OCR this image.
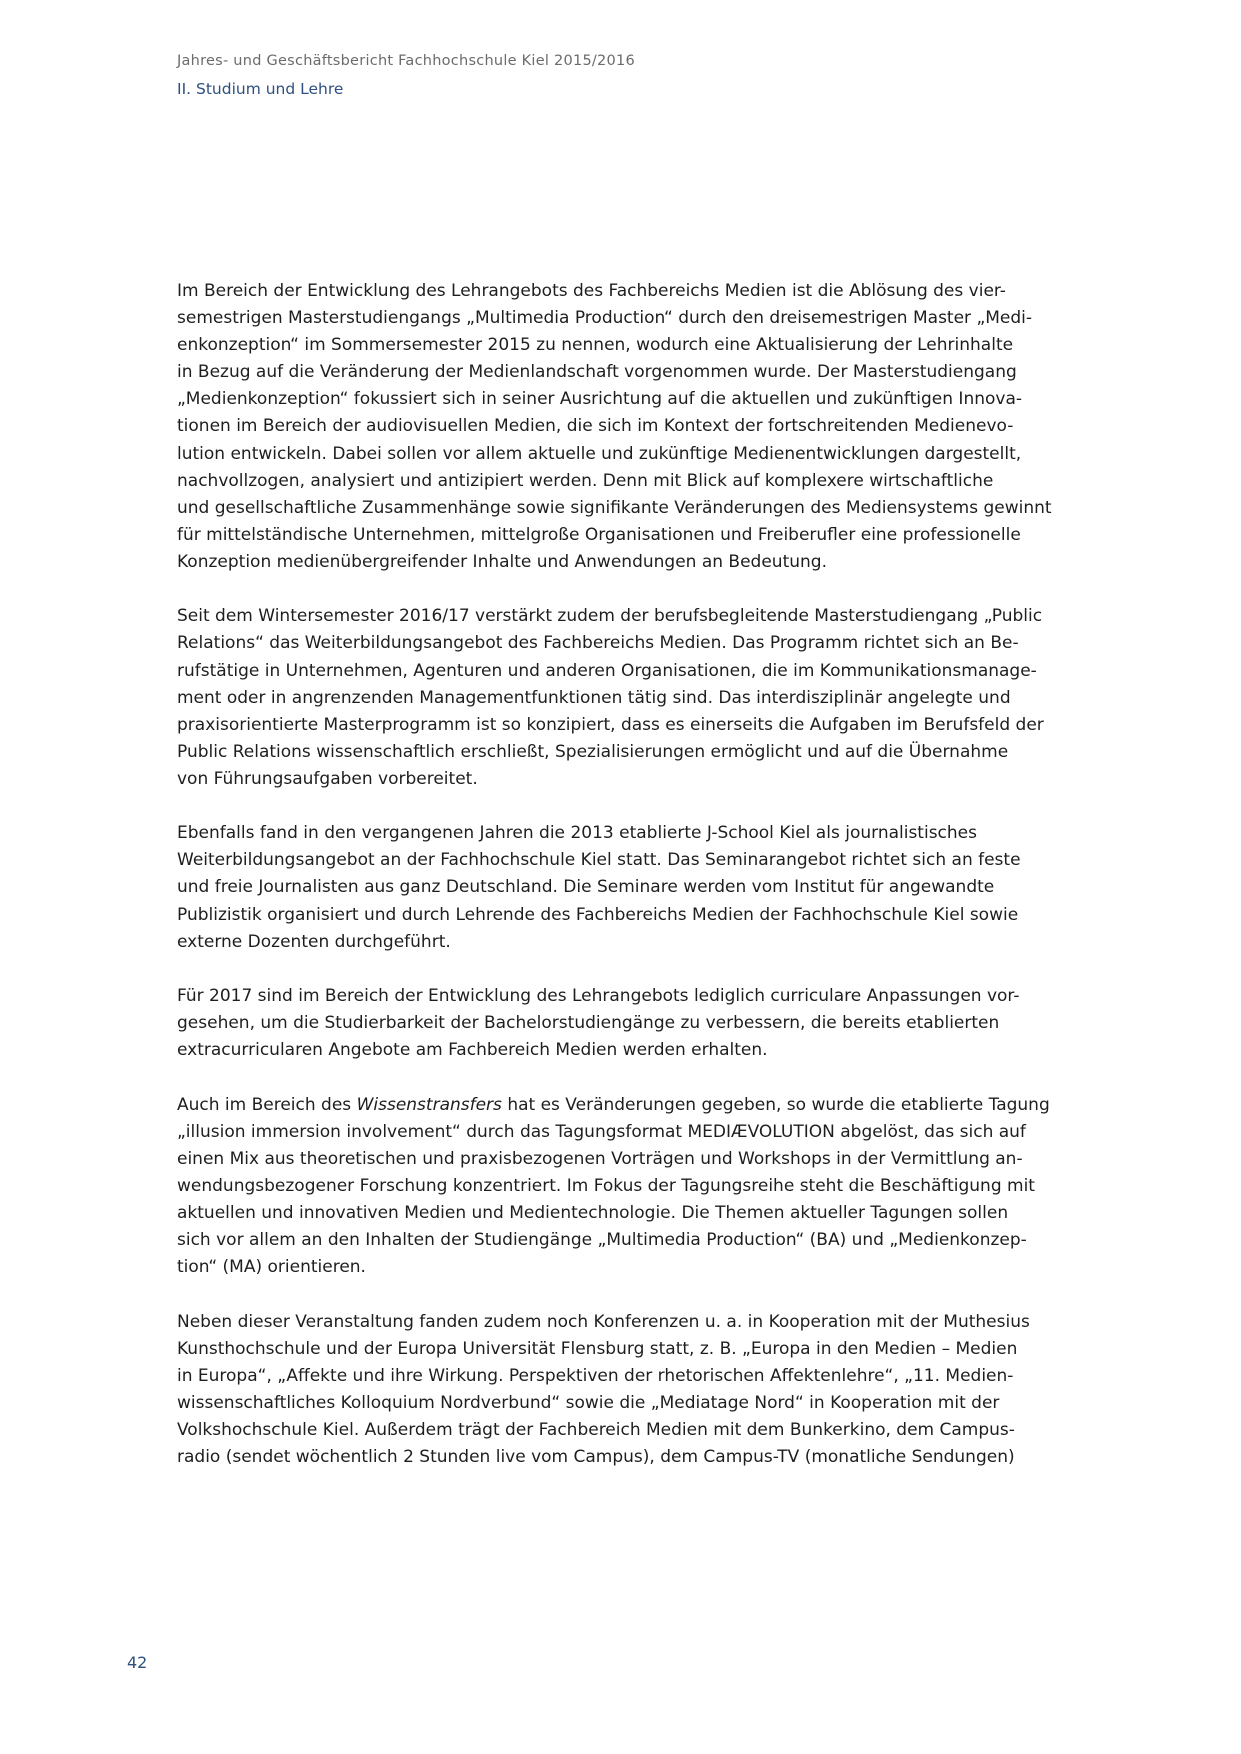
Jahres- und Geschäftsbericht Fachhochschule Kiel 2015/2016
II. Studium und Lehre

Im Bereich der Entwicklung des Lehrangebots des Fachbereichs Medien ist die Ablösung des vier-
semestrigen Masterstudiengangs „Multimedia Production“ durch den dreisemestrigen Master „Medi-
enkonzeption“ im Sommersemester 2015 zu nennen, wodurch eine Aktualisierung der Lehrinhalte
in Bezug auf die Veränderung der Medienlandschaft vorgenommen wurde. Der Masterstudiengang
„Medienkonzeption“ fokussiert sich in seiner Ausrichtung auf die aktuellen und zukünftigen Innova-
tionen im Bereich der audiovisuellen Medien, die sich im Kontext der fortschreitenden Medienevo-
lution entwickeln. Dabei sollen vor allem aktuelle und zukünftige Medienentwicklungen dargestellt,
nachvollzogen, analysiert und antizipiert werden. Denn mit Blick auf komplexere wirtschaftliche
und gesellschaftliche Zusammenhänge sowie signifikante Veränderungen des Mediensystems gewinnt
für mittelständische Unternehmen, mittelgroße Organisationen und Freiberufler eine professionelle
Konzeption medienübergreifender Inhalte und Anwendungen an Bedeutung.

Seit dem Wintersemester 2016/17 verstärkt zudem der berufsbegleitende Masterstudiengang „Public
Relations“ das Weiterbildungsangebot des Fachbereichs Medien. Das Programm richtet sich an Be-
rufstätige in Unternehmen, Agenturen und anderen Organisationen, die im Kommunikationsmanage-
ment oder in angrenzenden Managementfunktionen tätig sind. Das interdisziplinär angelegte und
praxisorientierte Masterprogramm ist so konzipiert, dass es einerseits die Aufgaben im Berufsfeld der
Public Relations wissenschaftlich erschließt, Spezialisierungen ermöglicht und auf die Übernahme
von Führungsaufgaben vorbereitet.

Ebenfalls fand in den vergangenen Jahren die 2013 etablierte J-School Kiel als journalistisches
Weiterbildungsangebot an der Fachhochschule Kiel statt. Das Seminarangebot richtet sich an feste
und freie Journalisten aus ganz Deutschland. Die Seminare werden vom Institut für angewandte
Publizistik organisiert und durch Lehrende des Fachbereichs Medien der Fachhochschule Kiel sowie
externe Dozenten durchgeführt.

Für 2017 sind im Bereich der Entwicklung des Lehrangebots lediglich curriculare Anpassungen vor-
gesehen, um die Studierbarkeit der Bachelorstudiengänge zu verbessern, die bereits etablierten
extracurricularen Angebote am Fachbereich Medien werden erhalten.

Auch im Bereich des Wissenstransfers hat es Veränderungen gegeben, so wurde die etablierte Tagung
„illusion immersion involvement“ durch das Tagungsformat MEDIÆVOLUTION abgelöst, das sich auf
einen Mix aus theoretischen und praxisbezogenen Vorträgen und Workshops in der Vermittlung an-
wendungsbezogener Forschung konzentriert. Im Fokus der Tagungsreihe steht die Beschäftigung mit
aktuellen und innovativen Medien und Medientechnologie. Die Themen aktueller Tagungen sollen
sich vor allem an den Inhalten der Studiengänge „Multimedia Production“ (BA) und „Medienkonzep-
tion“ (MA) orientieren.

Neben dieser Veranstaltung fanden zudem noch Konferenzen u. a. in Kooperation mit der Muthesius
Kunsthochschule und der Europa Universität Flensburg statt, z. B. „Europa in den Medien – Medien
in Europa“, „Affekte und ihre Wirkung. Perspektiven der rhetorischen Affektenlehre“, „11. Medien-
wissenschaftliches Kolloquium Nordverbund“ sowie die „Mediatage Nord“ in Kooperation mit der
Volkshochschule Kiel. Außerdem trägt der Fachbereich Medien mit dem Bunkerkino, dem Campus-
radio (sendet wöchentlich 2 Stunden live vom Campus), dem Campus-TV (monatliche Sendungen)

42
